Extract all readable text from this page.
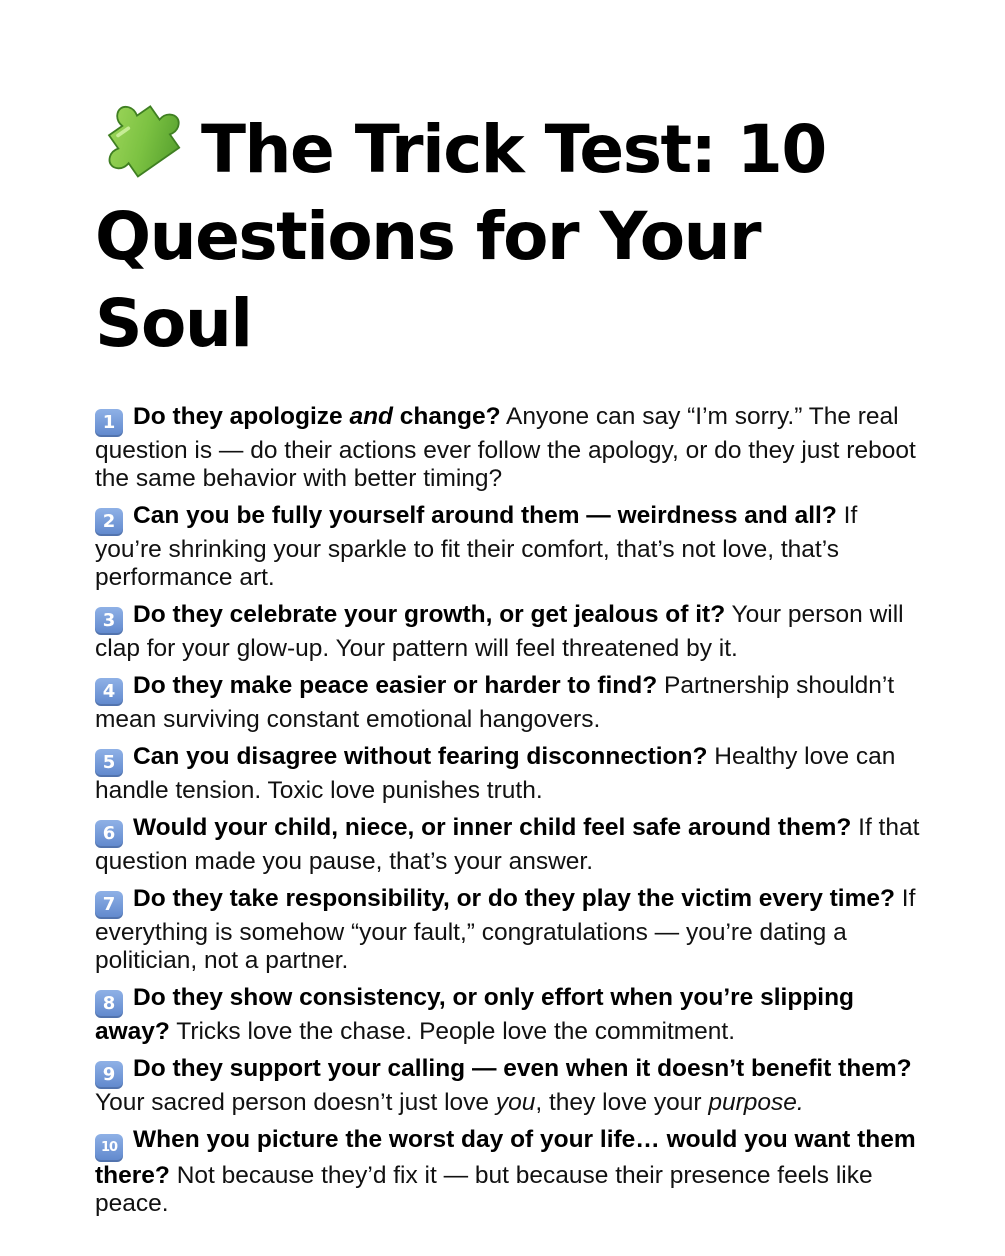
The Trick Test: 10 Questions for Your Soul
1 Do they apologize and change? Anyone can say “I’m sorry.” The real question is — do their actions ever follow the apology, or do they just reboot the same behavior with better timing?
2 Can you be fully yourself around them — weirdness and all? If you’re shrinking your sparkle to fit their comfort, that’s not love, that’s performance art.
3 Do they celebrate your growth, or get jealous of it? Your person will clap for your glow-up. Your pattern will feel threatened by it.
4 Do they make peace easier or harder to find? Partnership shouldn’t mean surviving constant emotional hangovers.
5 Can you disagree without fearing disconnection? Healthy love can handle tension. Toxic love punishes truth.
6 Would your child, niece, or inner child feel safe around them? If that question made you pause, that’s your answer.
7 Do they take responsibility, or do they play the victim every time? If everything is somehow “your fault,” congratulations — you’re dating a politician, not a partner.
8 Do they show consistency, or only effort when you’re slipping away? Tricks love the chase. People love the commitment.
9 Do they support your calling — even when it doesn’t benefit them? Your sacred person doesn’t just love you, they love your purpose.
10 When you picture the worst day of your life… would you want them there? Not because they’d fix it — but because their presence feels like peace.
